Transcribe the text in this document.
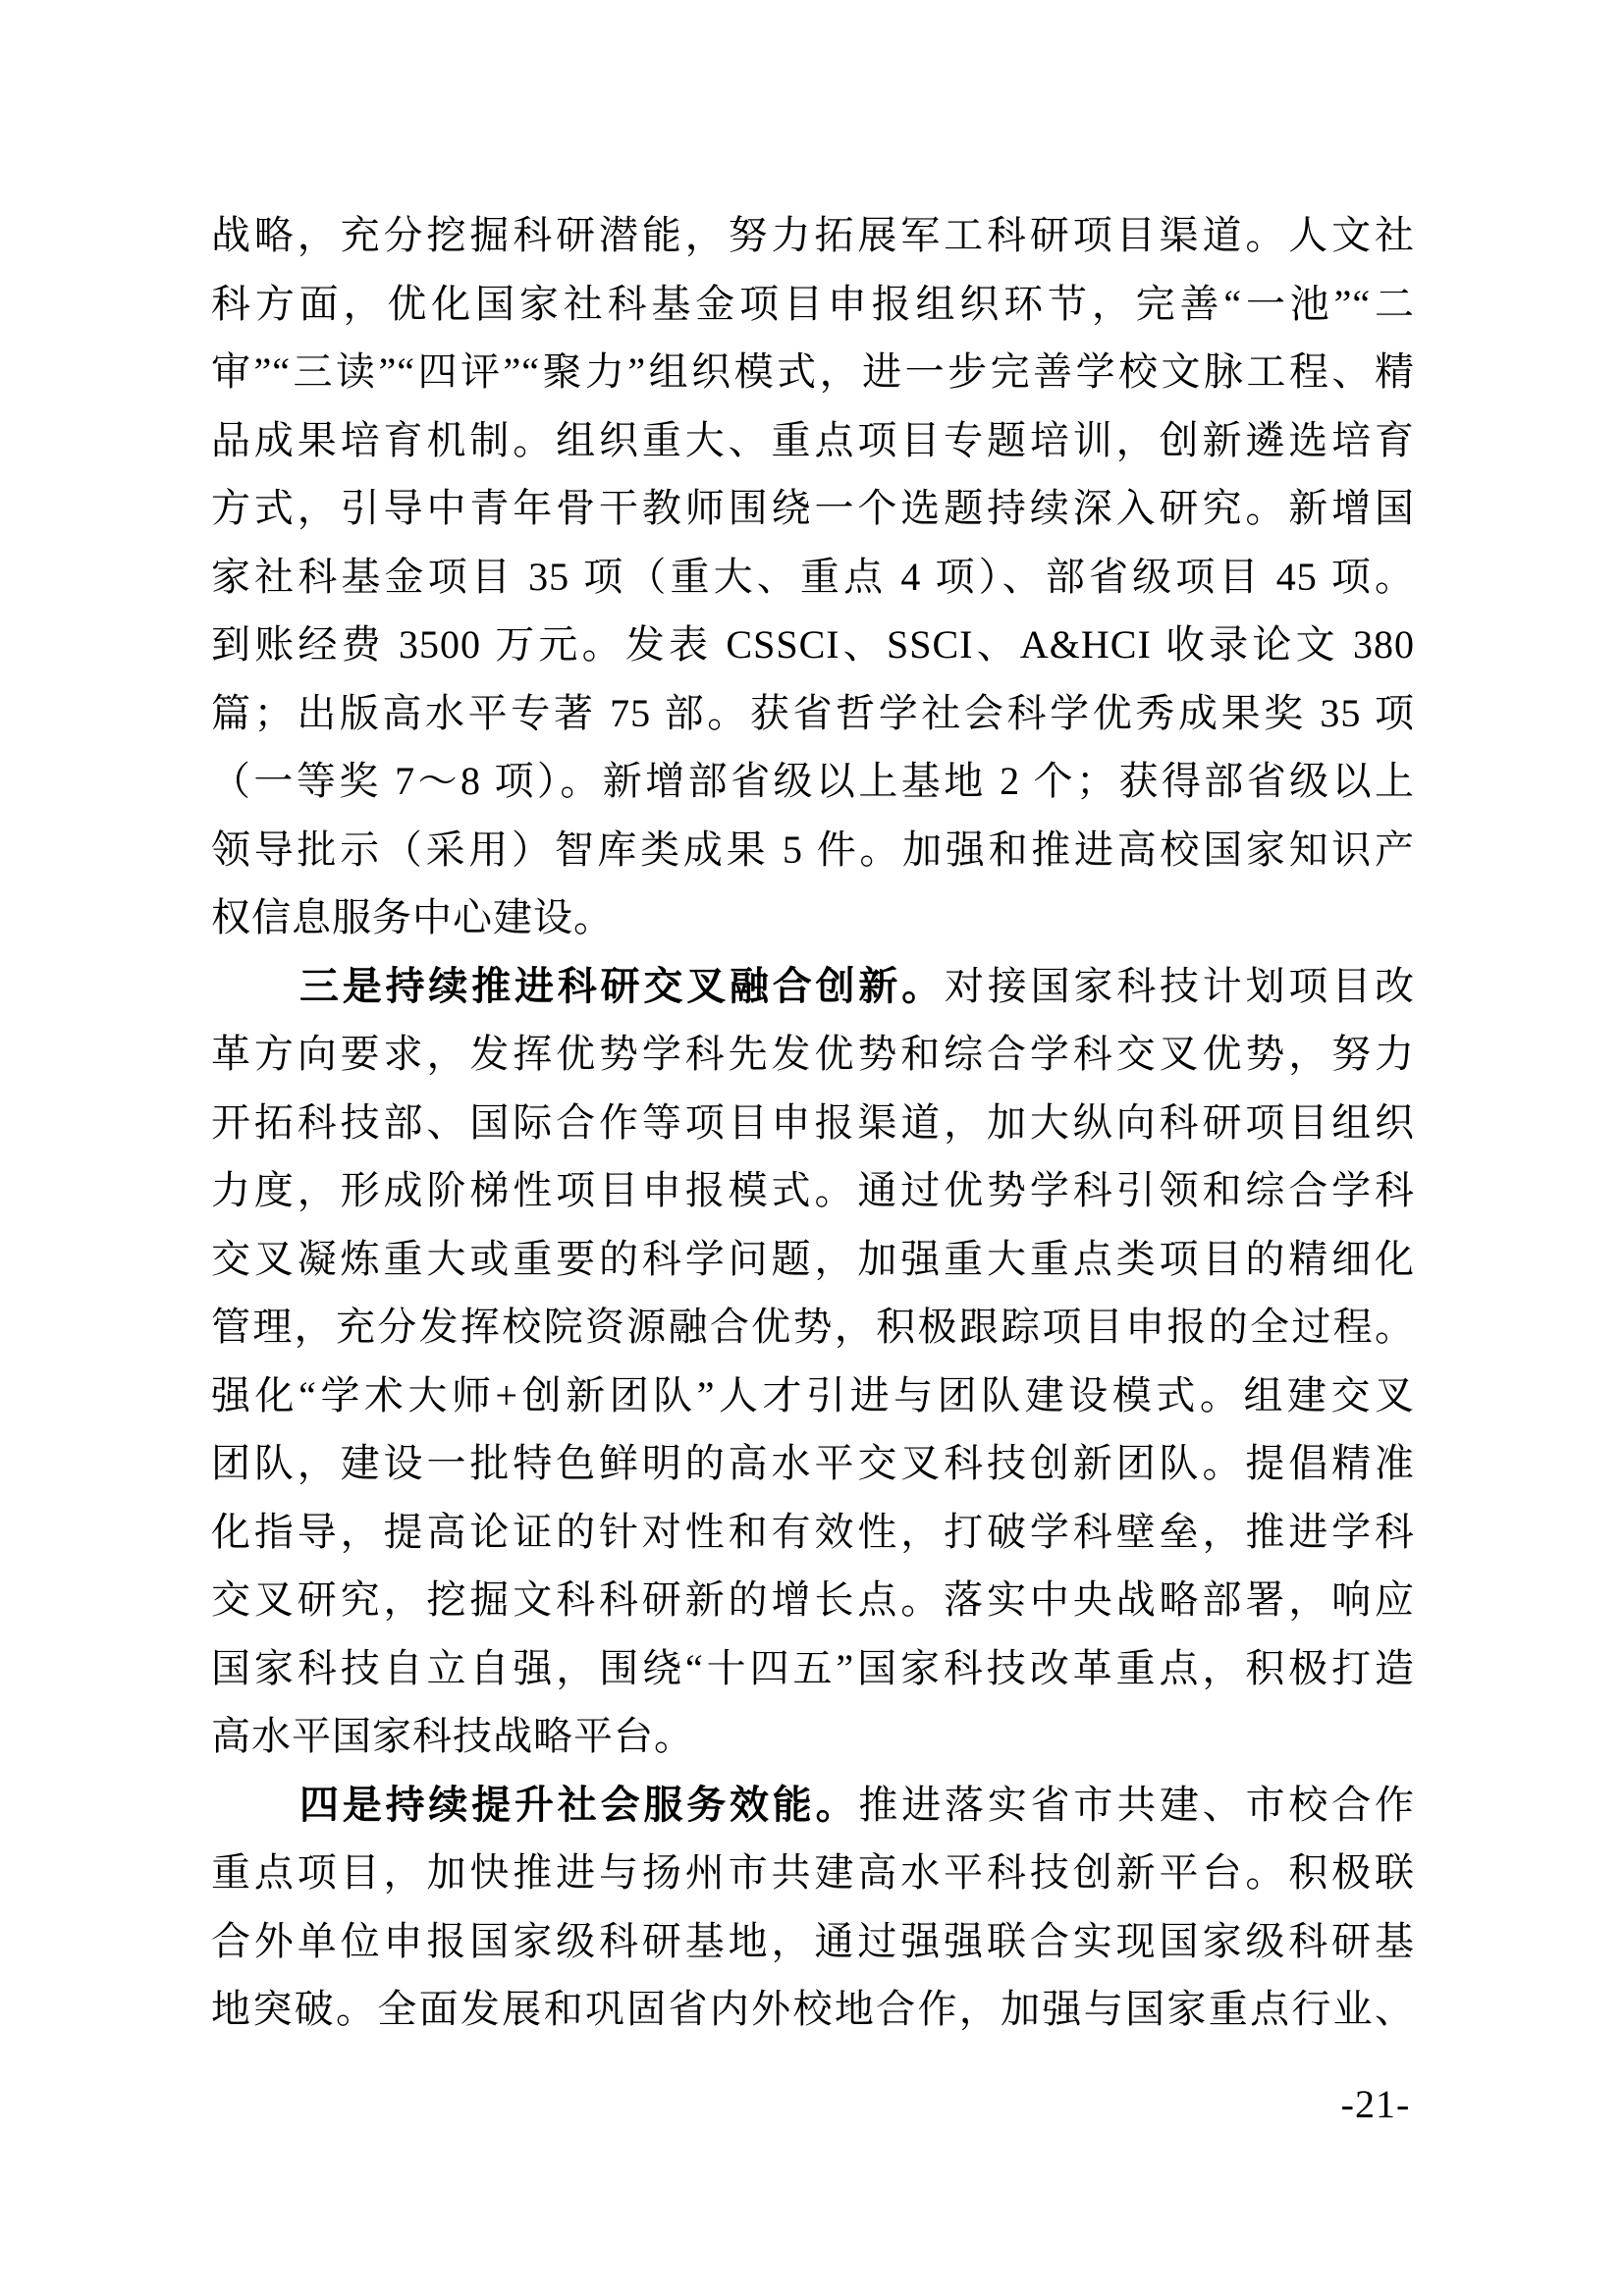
战略，充分挖掘科研潜能，努力拓展军工科研项目渠道。人文社
科方面，优化国家社科基金项目申报组织环节，完善“一池”“二
审”“三读”“四评”“聚力”组织模式，进一步完善学校文脉工程、精
品成果培育机制。组织重大、重点项目专题培训，创新遴选培育
方式，引导中青年骨干教师围绕一个选题持续深入研究。新增国
家社科基金项目 35 项（重大、重点 4 项）、部省级项目 45 项。
到账经费 3500 万元。发表 CSSCI、SSCI、A&HCI 收录论文 380
篇；出版高水平专著 75 部。获省哲学社会科学优秀成果奖 35 项
（一等奖 7～8 项）。新增部省级以上基地 2 个；获得部省级以上
领导批示（采用）智库类成果 5 件。加强和推进高校国家知识产
权信息服务中心建设。
三是持续推进科研交叉融合创新。对接国家科技计划项目改
革方向要求，发挥优势学科先发优势和综合学科交叉优势，努力
开拓科技部、国际合作等项目申报渠道，加大纵向科研项目组织
力度，形成阶梯性项目申报模式。通过优势学科引领和综合学科
交叉凝炼重大或重要的科学问题，加强重大重点类项目的精细化
管理，充分发挥校院资源融合优势，积极跟踪项目申报的全过程。
强化“学术大师+创新团队”人才引进与团队建设模式。组建交叉
团队，建设一批特色鲜明的高水平交叉科技创新团队。提倡精准
化指导，提高论证的针对性和有效性，打破学科壁垒，推进学科
交叉研究，挖掘文科科研新的增长点。落实中央战略部署，响应
国家科技自立自强，围绕“十四五”国家科技改革重点，积极打造
高水平国家科技战略平台。
四是持续提升社会服务效能。推进落实省市共建、市校合作
重点项目，加快推进与扬州市共建高水平科技创新平台。积极联
合外单位申报国家级科研基地，通过强强联合实现国家级科研基
地突破。全面发展和巩固省内外校地合作，加强与国家重点行业、
-21-
